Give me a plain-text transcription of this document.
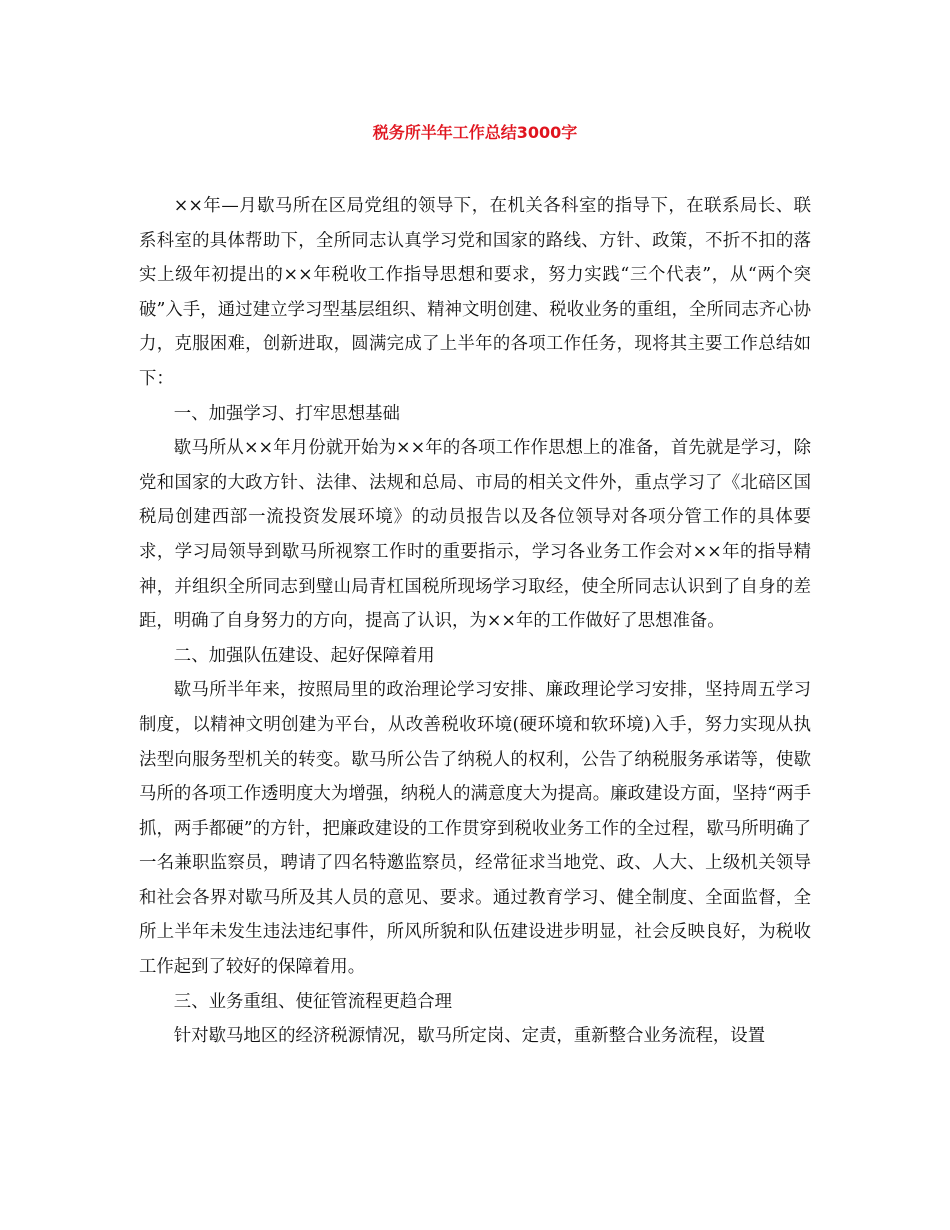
税务所半年工作总结3000字

××年—月歇马所在区局党组的领导下，在机关各科室的指导下，在联系局长、联系科室的具体帮助下，全所同志认真学习党和国家的路线、方针、政策，不折不扣的落实上级年初提出的××年税收工作指导思想和要求，努力实践“三个代表”，从“两个突破”入手，通过建立学习型基层组织、精神文明创建、税收业务的重组，全所同志齐心协力，克服困难，创新进取，圆满完成了上半年的各项工作任务，现将其主要工作总结如下：

一、加强学习、打牢思想基础

歇马所从××年月份就开始为××年的各项工作作思想上的准备，首先就是学习，除党和国家的大政方针、法律、法规和总局、市局的相关文件外，重点学习了《北碚区国税局创建西部一流投资发展环境》的动员报告以及各位领导对各项分管工作的具体要求，学习局领导到歇马所视察工作时的重要指示，学习各业务工作会对××年的指导精神，并组织全所同志到璧山局青杠国税所现场学习取经，使全所同志认识到了自身的差距，明确了自身努力的方向，提高了认识，为××年的工作做好了思想准备。

二、加强队伍建设、起好保障着用

歇马所半年来，按照局里的政治理论学习安排、廉政理论学习安排，坚持周五学习制度，以精神文明创建为平台，从改善税收环境(硬环境和软环境)入手，努力实现从执法型向服务型机关的转变。歇马所公告了纳税人的权利，公告了纳税服务承诺等，使歇马所的各项工作透明度大为增强，纳税人的满意度大为提高。廉政建设方面，坚持“两手抓，两手都硬”的方针，把廉政建设的工作贯穿到税收业务工作的全过程，歇马所明确了一名兼职监察员，聘请了四名特邀监察员，经常征求当地党、政、人大、上级机关领导和社会各界对歇马所及其人员的意见、要求。通过教育学习、健全制度、全面监督，全所上半年未发生违法违纪事件，所风所貌和队伍建设进步明显，社会反映良好，为税收工作起到了较好的保障着用。

三、业务重组、使征管流程更趋合理

针对歇马地区的经济税源情况，歇马所定岗、定责，重新整合业务流程，设置
